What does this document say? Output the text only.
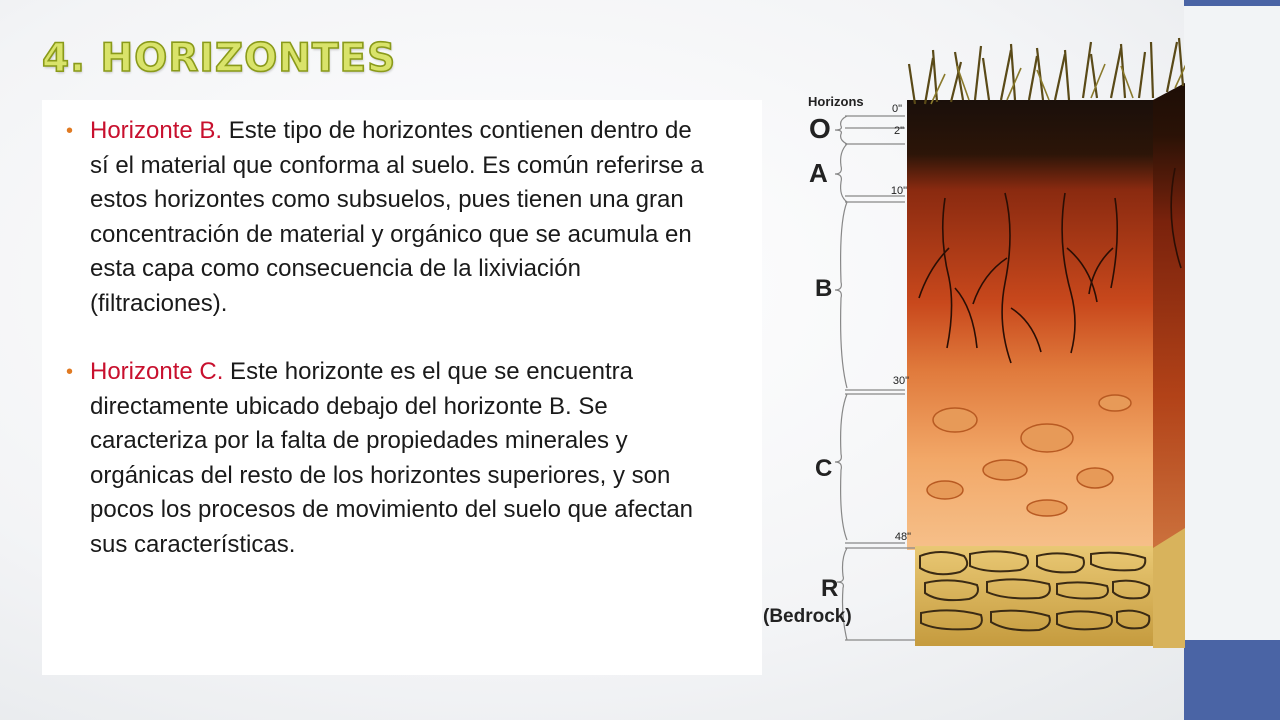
4. HORIZONTES

• Horizonte B. Este tipo de horizontes contienen dentro de sí el material que conforma al suelo. Es común referirse a estos horizontes como subsuelos, pues tienen una gran concentración de material y orgánico que se acumula en esta capa como consecuencia de la lixiviación (filtraciones).

• Horizonte C. Este horizonte es el que se encuentra directamente ubicado debajo del horizonte B. Se caracteriza por la falta de propiedades minerales y orgánicas del resto de los horizontes superiores, y son pocos los procesos de movimiento del suelo que afectan sus características.

Horizons	0"
2"
10"
30"
48"
O
A
B
C
R
(Bedrock)
